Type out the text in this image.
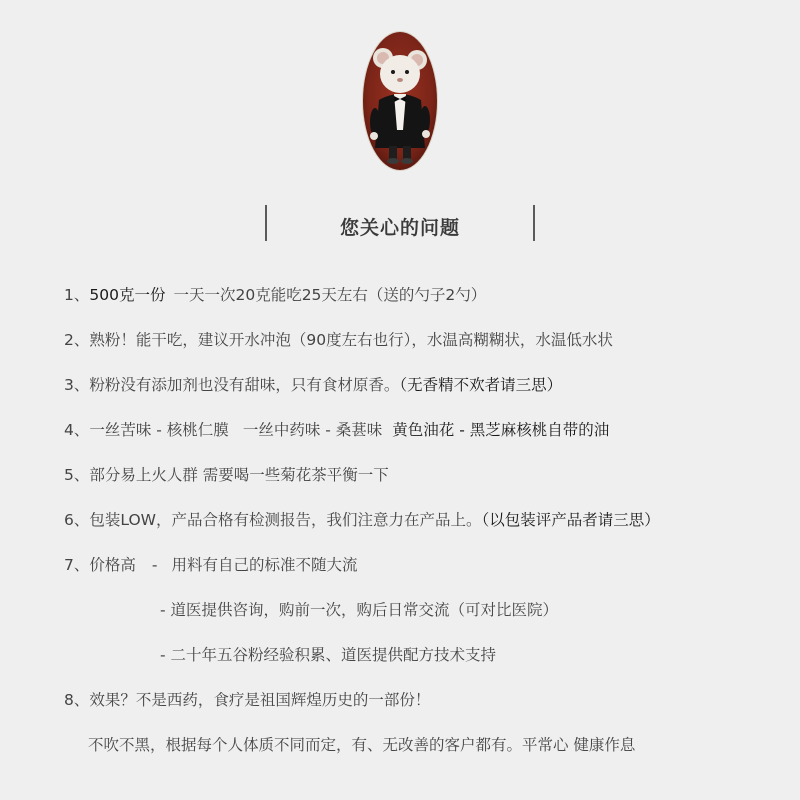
您关心的问题
1、500克一份 一天一次20克能吃25天左右（送的勺子2勺）
2、熟粉！能干吃，建议开水冲泡（90度左右也行），水温高糊糊状，水温低水状
3、粉粉没有添加剂也没有甜味，只有食材原香。（无香精不欢者请三思）
4、一丝苦味 - 核桃仁膜 一丝中药味 - 桑葚味 黄色油花 - 黑芝麻核桃自带的油
5、部分易上火人群 需要喝一些菊花茶平衡一下
6、包装LOW，产品合格有检测报告，我们注意力在产品上。（以包装评产品者请三思）
7、价格高 - 用料有自己的标准不随大流
- 道医提供咨询，购前一次，购后日常交流（可对比医院）
- 二十年五谷粉经验积累、道医提供配方技术支持
8、效果？不是西药，食疗是祖国辉煌历史的一部份！
不吹不黑，根据每个人体质不同而定，有、无改善的客户都有。平常心 健康作息
